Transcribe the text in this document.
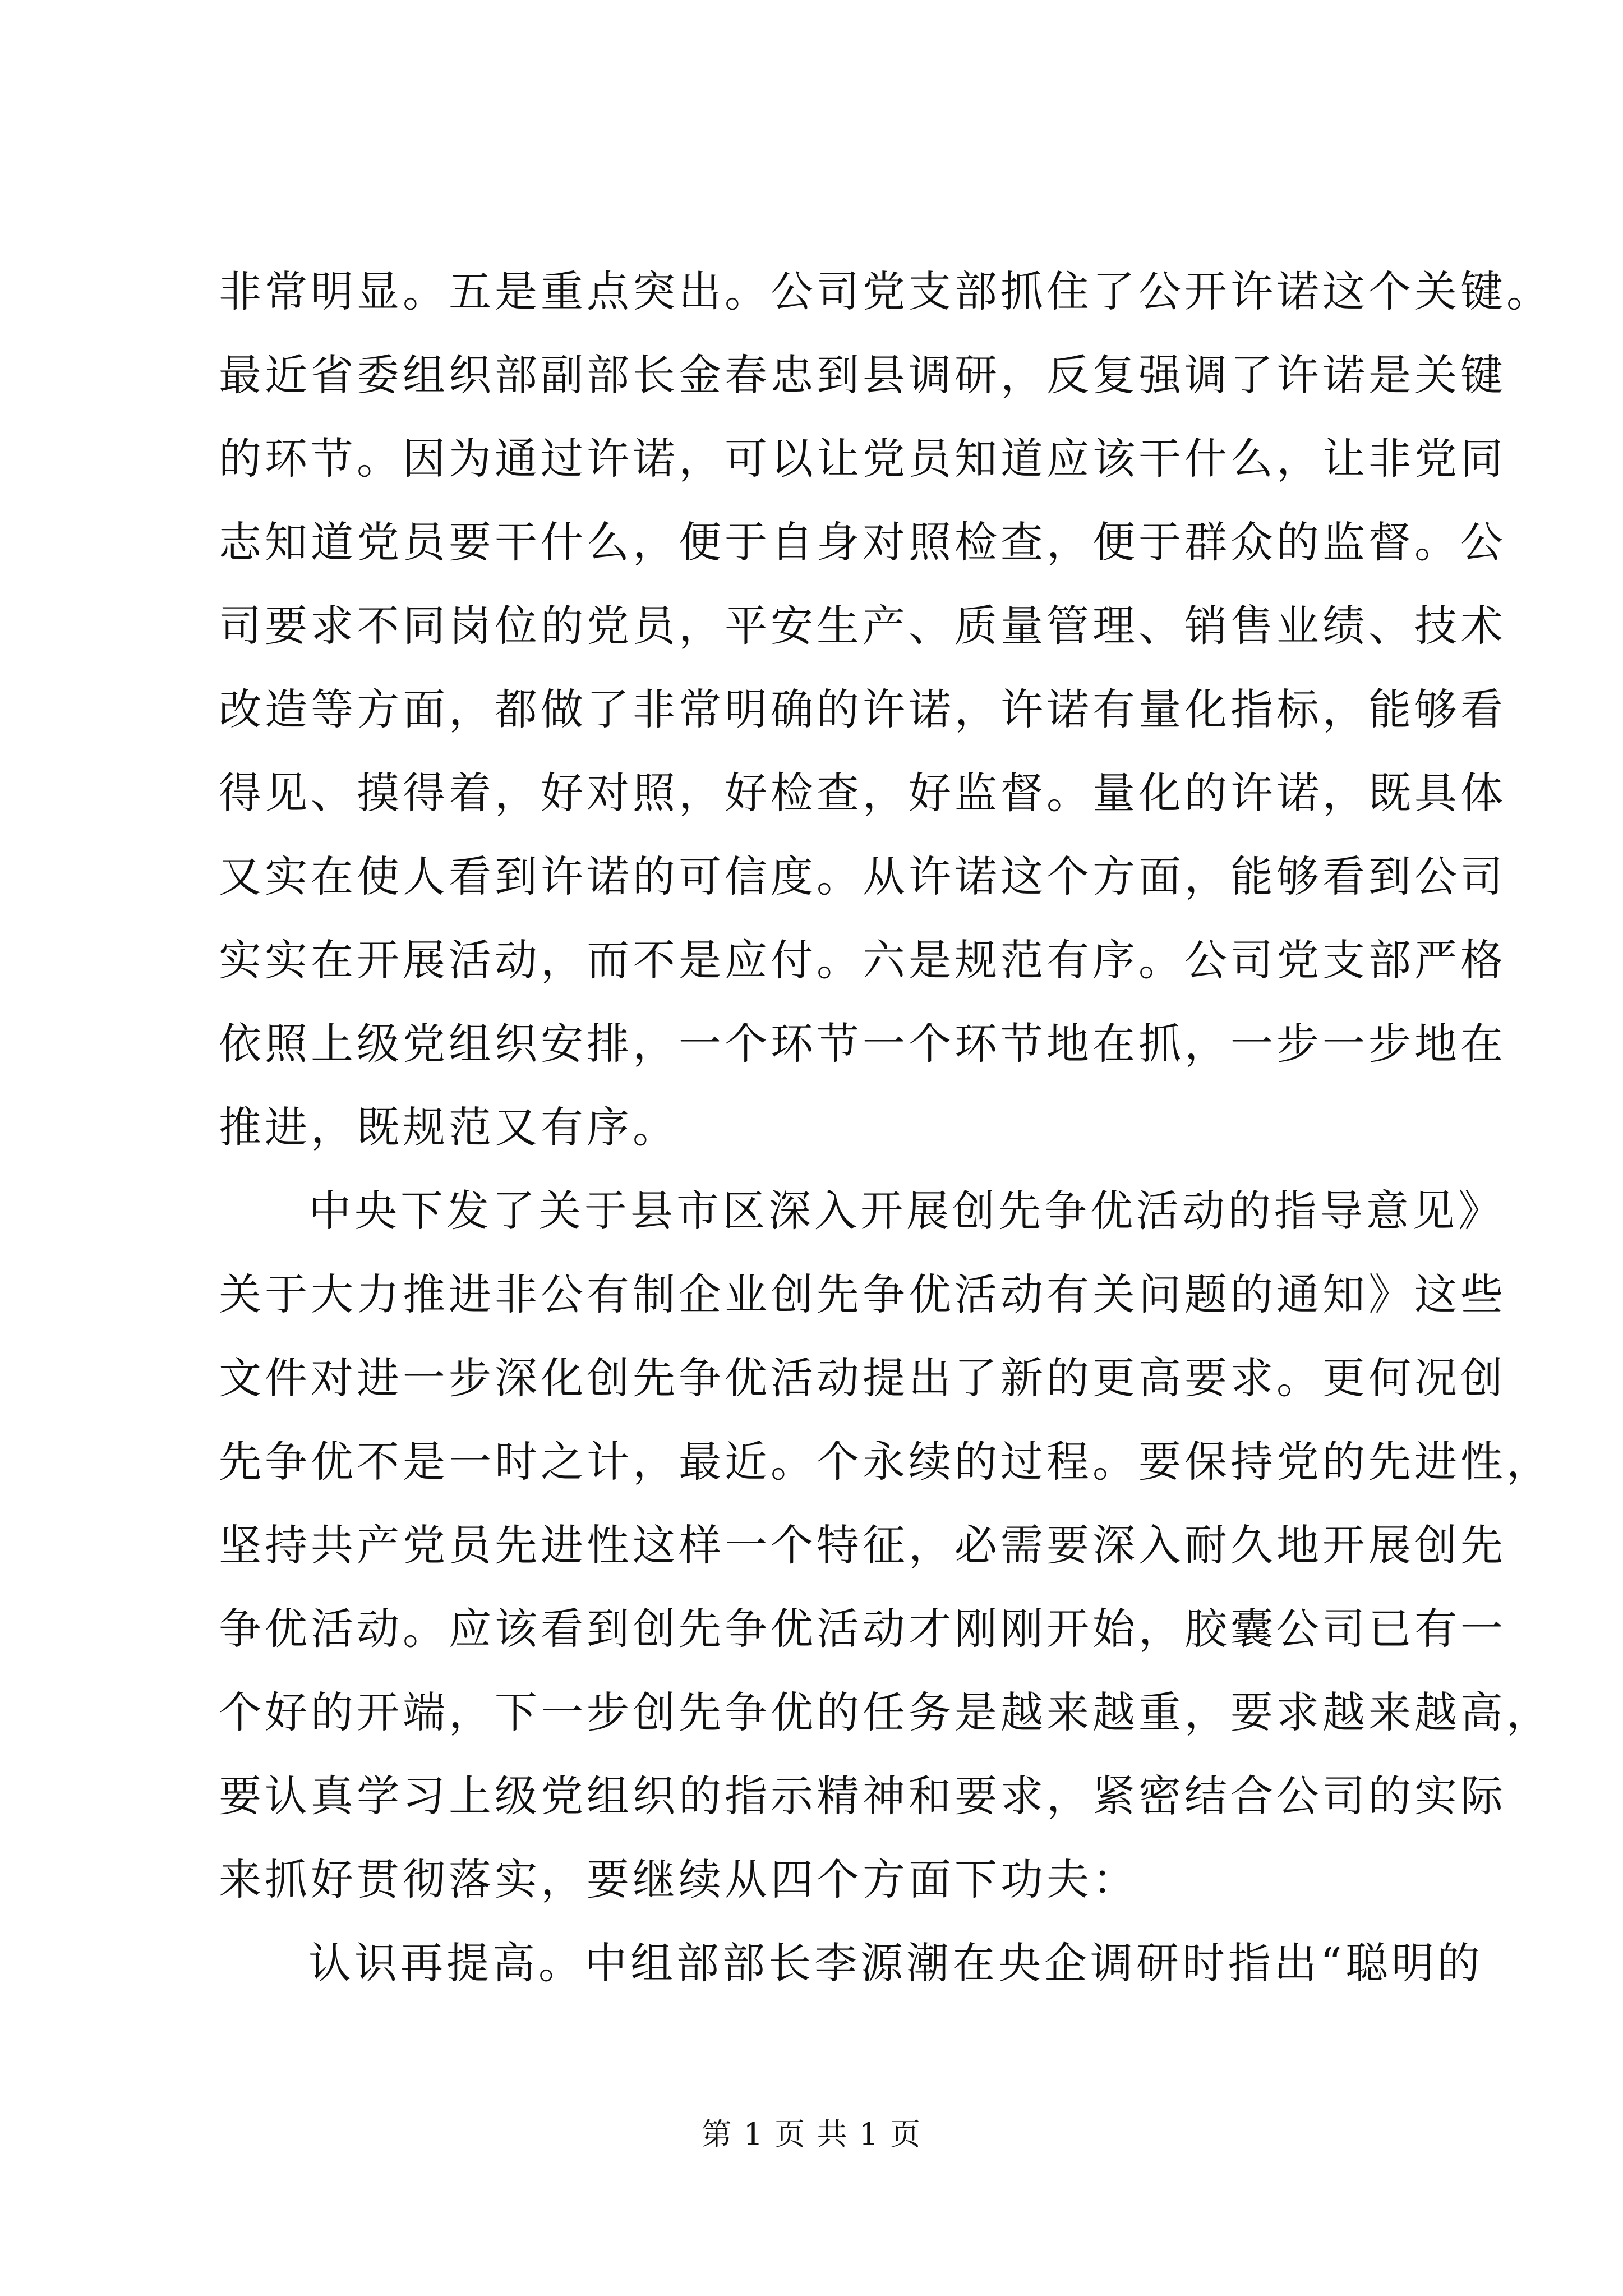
非常明显。五是重点突出。公司党支部抓住了公开许诺这个关键。
最近省委组织部副部长金春忠到县调研，反复强调了许诺是关键
的环节。因为通过许诺，可以让党员知道应该干什么，让非党同
志知道党员要干什么，便于自身对照检查，便于群众的监督。公
司要求不同岗位的党员，平安生产、质量管理、销售业绩、技术
改造等方面，都做了非常明确的许诺，许诺有量化指标，能够看
得见、摸得着，好对照，好检查，好监督。量化的许诺，既具体
又实在使人看到许诺的可信度。从许诺这个方面，能够看到公司
实实在开展活动，而不是应付。六是规范有序。公司党支部严格
依照上级党组织安排，一个环节一个环节地在抓，一步一步地在
推进，既规范又有序。
中央下发了关于县市区深入开展创先争优活动的指导意见》
关于大力推进非公有制企业创先争优活动有关问题的通知》这些
文件对进一步深化创先争优活动提出了新的更高要求。更何况创
先争优不是一时之计，最近。个永续的过程。要保持党的先进性，
坚持共产党员先进性这样一个特征，必需要深入耐久地开展创先
争优活动。应该看到创先争优活动才刚刚开始，胶囊公司已有一
个好的开端，下一步创先争优的任务是越来越重，要求越来越高，
要认真学习上级党组织的指示精神和要求，紧密结合公司的实际
来抓好贯彻落实，要继续从四个方面下功夫：
认识再提高。中组部部长李源潮在央企调研时指出“聪明的
第 1 页 共 1 页
